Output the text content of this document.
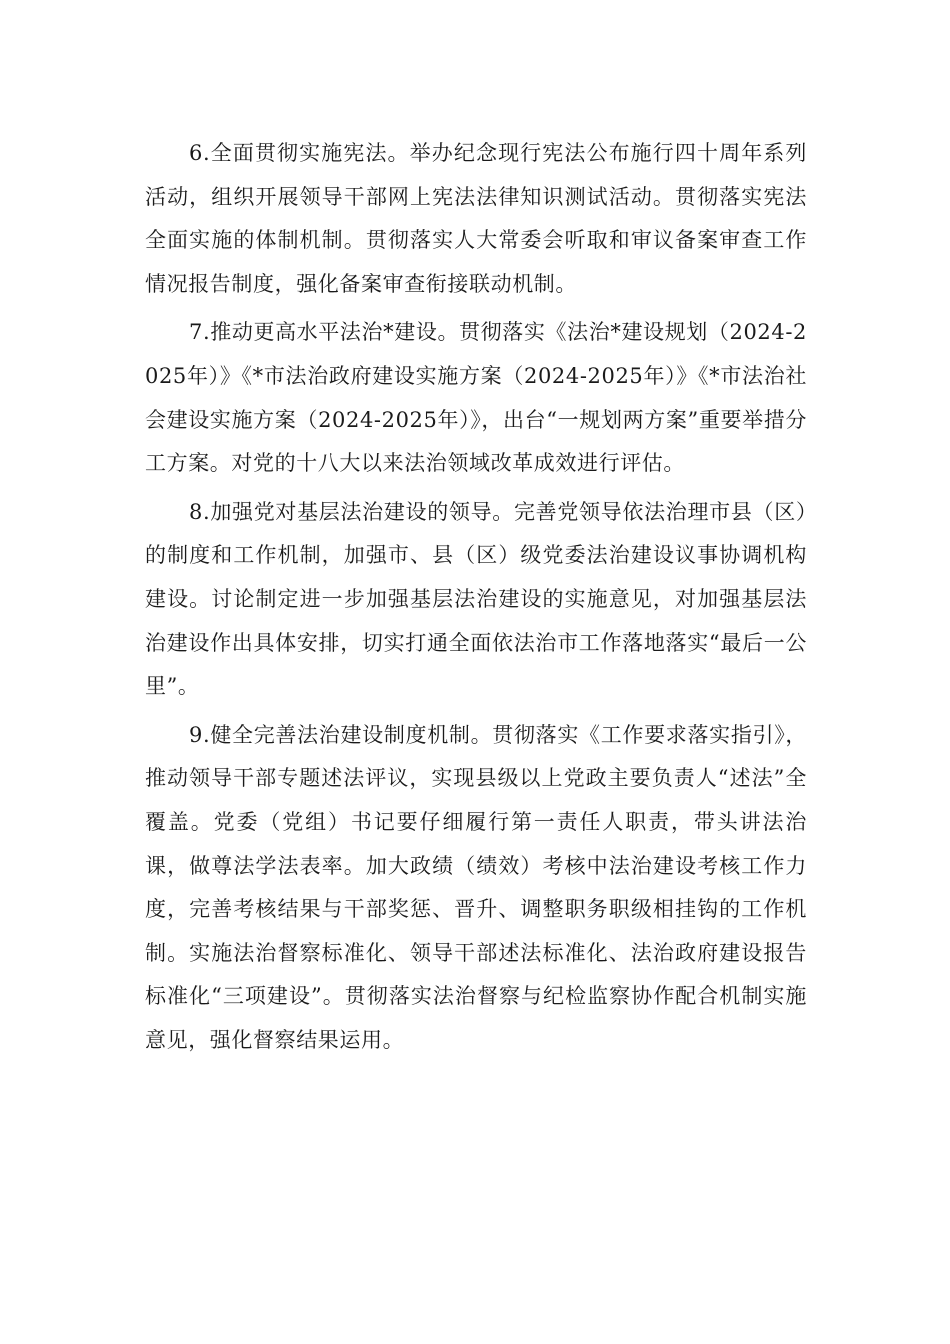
6.全面贯彻实施宪法。举办纪念现行宪法公布施行四十周年系列活动，组织开展领导干部网上宪法法律知识测试活动。贯彻落实宪法全面实施的体制机制。贯彻落实人大常委会听取和审议备案审查工作情况报告制度，强化备案审查衔接联动机制。

7.推动更高水平法治*建设。贯彻落实《法治*建设规划（2024-2025年）》《*市法治政府建设实施方案（2024-2025年）》《*市法治社会建设实施方案（2024-2025年）》，出台“一规划两方案”重要举措分工方案。对党的十八大以来法治领域改革成效进行评估。

8.加强党对基层法治建设的领导。完善党领导依法治理市县（区）的制度和工作机制，加强市、县（区）级党委法治建设议事协调机构建设。讨论制定进一步加强基层法治建设的实施意见，对加强基层法治建设作出具体安排，切实打通全面依法治市工作落地落实“最后一公里”。

9.健全完善法治建设制度机制。贯彻落实《工作要求落实指引》，推动领导干部专题述法评议，实现县级以上党政主要负责人“述法”全覆盖。党委（党组）书记要仔细履行第一责任人职责，带头讲法治课，做尊法学法表率。加大政绩（绩效）考核中法治建设考核工作力度，完善考核结果与干部奖惩、晋升、调整职务职级相挂钩的工作机制。实施法治督察标准化、领导干部述法标准化、法治政府建设报告标准化“三项建设”。贯彻落实法治督察与纪检监察协作配合机制实施意见，强化督察结果运用。
